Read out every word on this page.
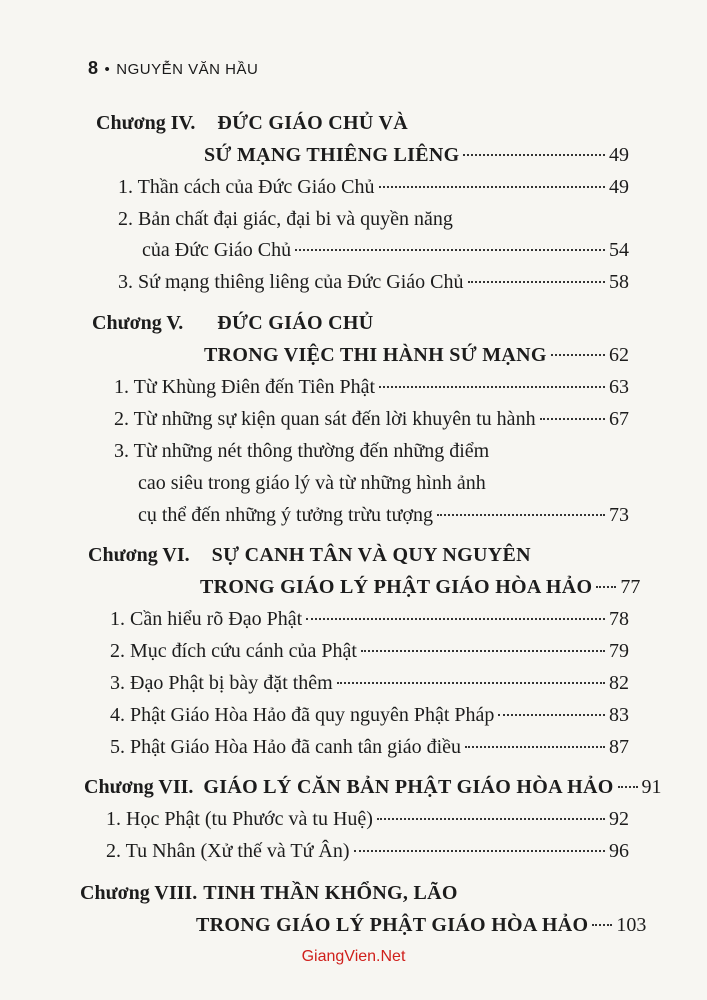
8 • NGUYỄN VĂN HẦU
Chương IV. ĐỨC GIÁO CHỦ VÀ
SỨ MẠNG THIÊNG LIÊNG	49
1. Thần cách của Đức Giáo Chủ	49
2. Bản chất đại giác, đại bi và quyền năng
của Đức Giáo Chủ	54
3. Sứ mạng thiêng liêng của Đức Giáo Chủ	58
Chương V. ĐỨC GIÁO CHỦ
TRONG VIỆC THI HÀNH SỨ MẠNG	62
1. Từ Khùng Điên đến Tiên Phật	63
2. Từ những sự kiện quan sát đến lời khuyên tu hành	67
3. Từ những nét thông thường đến những điểm
cao siêu trong giáo lý và từ những hình ảnh
cụ thể đến những ý tưởng trừu tượng	73
Chương VI. SỰ CANH TÂN VÀ QUY NGUYÊN
TRONG GIÁO LÝ PHẬT GIÁO HÒA HẢO 77
1. Cần hiểu rõ Đạo Phật	78
2. Mục đích cứu cánh của Phật	79
3. Đạo Phật bị bày đặt thêm	82
4. Phật Giáo Hòa Hảo đã quy nguyên Phật Pháp	83
5. Phật Giáo Hòa Hảo đã canh tân giáo điều	87
Chương VII. GIÁO LÝ CĂN BẢN PHẬT GIÁO HÒA HẢO 91
1. Học Phật (tu Phước và tu Huệ)	92
2. Tu Nhân (Xử thế và Tứ Ân)	96
Chương VIII. TINH THẦN KHỔNG, LÃO
TRONG GIÁO LÝ PHẬT GIÁO HÒA HẢO 103
GiangVien.Net
